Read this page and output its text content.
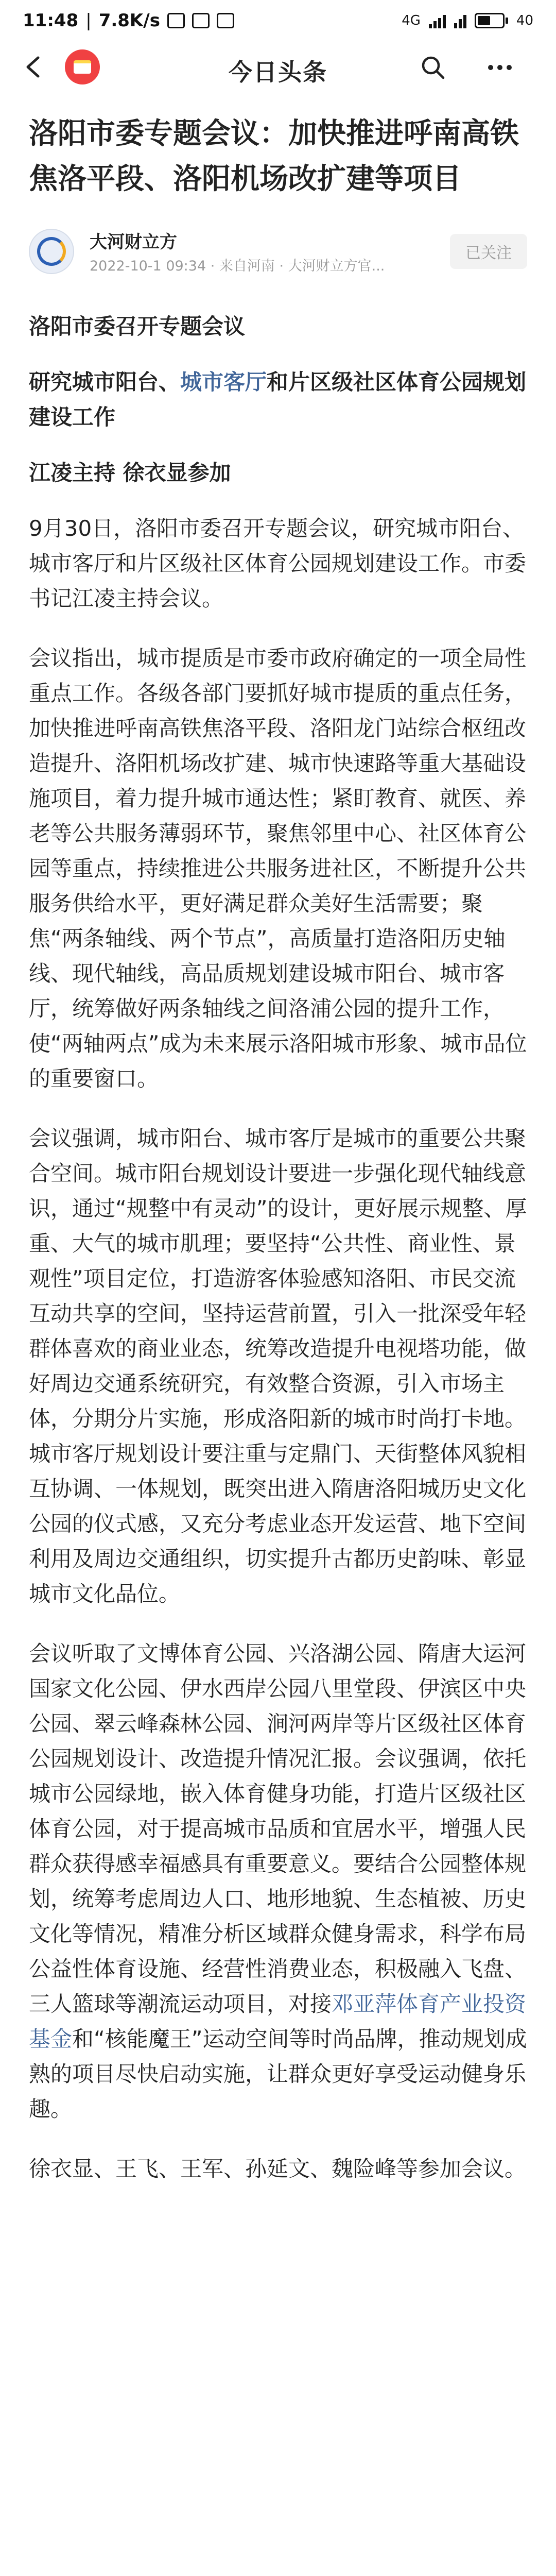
11:48 | 7.8K/s	4G	40
今日头条
洛阳市委专题会议：加快推进呼南高铁焦洛平段、洛阳机场改扩建等项目
大河财立方
2022-10-1 09:34 · 来自河南 · 大河财立方官...
已关注

洛阳市委召开专题会议

研究城市阳台、城市客厅和片区级社区体育公园规划建设工作

江凌主持 徐衣显参加

9月30日，洛阳市委召开专题会议，研究城市阳台、城市客厅和片区级社区体育公园规划建设工作。市委书记江凌主持会议。

会议指出，城市提质是市委市政府确定的一项全局性重点工作。各级各部门要抓好城市提质的重点任务，加快推进呼南高铁焦洛平段、洛阳龙门站综合枢纽改造提升、洛阳机场改扩建、城市快速路等重大基础设施项目，着力提升城市通达性；紧盯教育、就医、养老等公共服务薄弱环节，聚焦邻里中心、社区体育公园等重点，持续推进公共服务进社区，不断提升公共服务供给水平，更好满足群众美好生活需要；聚焦“两条轴线、两个节点”，高质量打造洛阳历史轴线、现代轴线，高品质规划建设城市阳台、城市客厅，统筹做好两条轴线之间洛浦公园的提升工作，使“两轴两点”成为未来展示洛阳城市形象、城市品位的重要窗口。

会议强调，城市阳台、城市客厅是城市的重要公共聚合空间。城市阳台规划设计要进一步强化现代轴线意识，通过“规整中有灵动”的设计，更好展示规整、厚重、大气的城市肌理；要坚持“公共性、商业性、景观性”项目定位，打造游客体验感知洛阳、市民交流互动共享的空间，坚持运营前置，引入一批深受年轻群体喜欢的商业业态，统筹改造提升电视塔功能，做好周边交通系统研究，有效整合资源，引入市场主体，分期分片实施，形成洛阳新的城市时尚打卡地。城市客厅规划设计要注重与定鼎门、天街整体风貌相互协调、一体规划，既突出进入隋唐洛阳城历史文化公园的仪式感，又充分考虑业态开发运营、地下空间利用及周边交通组织，切实提升古都历史韵味、彰显城市文化品位。

会议听取了文博体育公园、兴洛湖公园、隋唐大运河国家文化公园、伊水西岸公园八里堂段、伊滨区中央公园、翠云峰森林公园、涧河两岸等片区级社区体育公园规划设计、改造提升情况汇报。会议强调，依托城市公园绿地，嵌入体育健身功能，打造片区级社区体育公园，对于提高城市品质和宜居水平，增强人民群众获得感幸福感具有重要意义。要结合公园整体规划，统筹考虑周边人口、地形地貌、生态植被、历史文化等情况，精准分析区域群众健身需求，科学布局公益性体育设施、经营性消费业态，积极融入飞盘、三人篮球等潮流运动项目，对接邓亚萍体育产业投资基金和“核能魔王”运动空间等时尚品牌，推动规划成熟的项目尽快启动实施，让群众更好享受运动健身乐趣。

徐衣显、王飞、王军、孙延文、魏险峰等参加会议。
